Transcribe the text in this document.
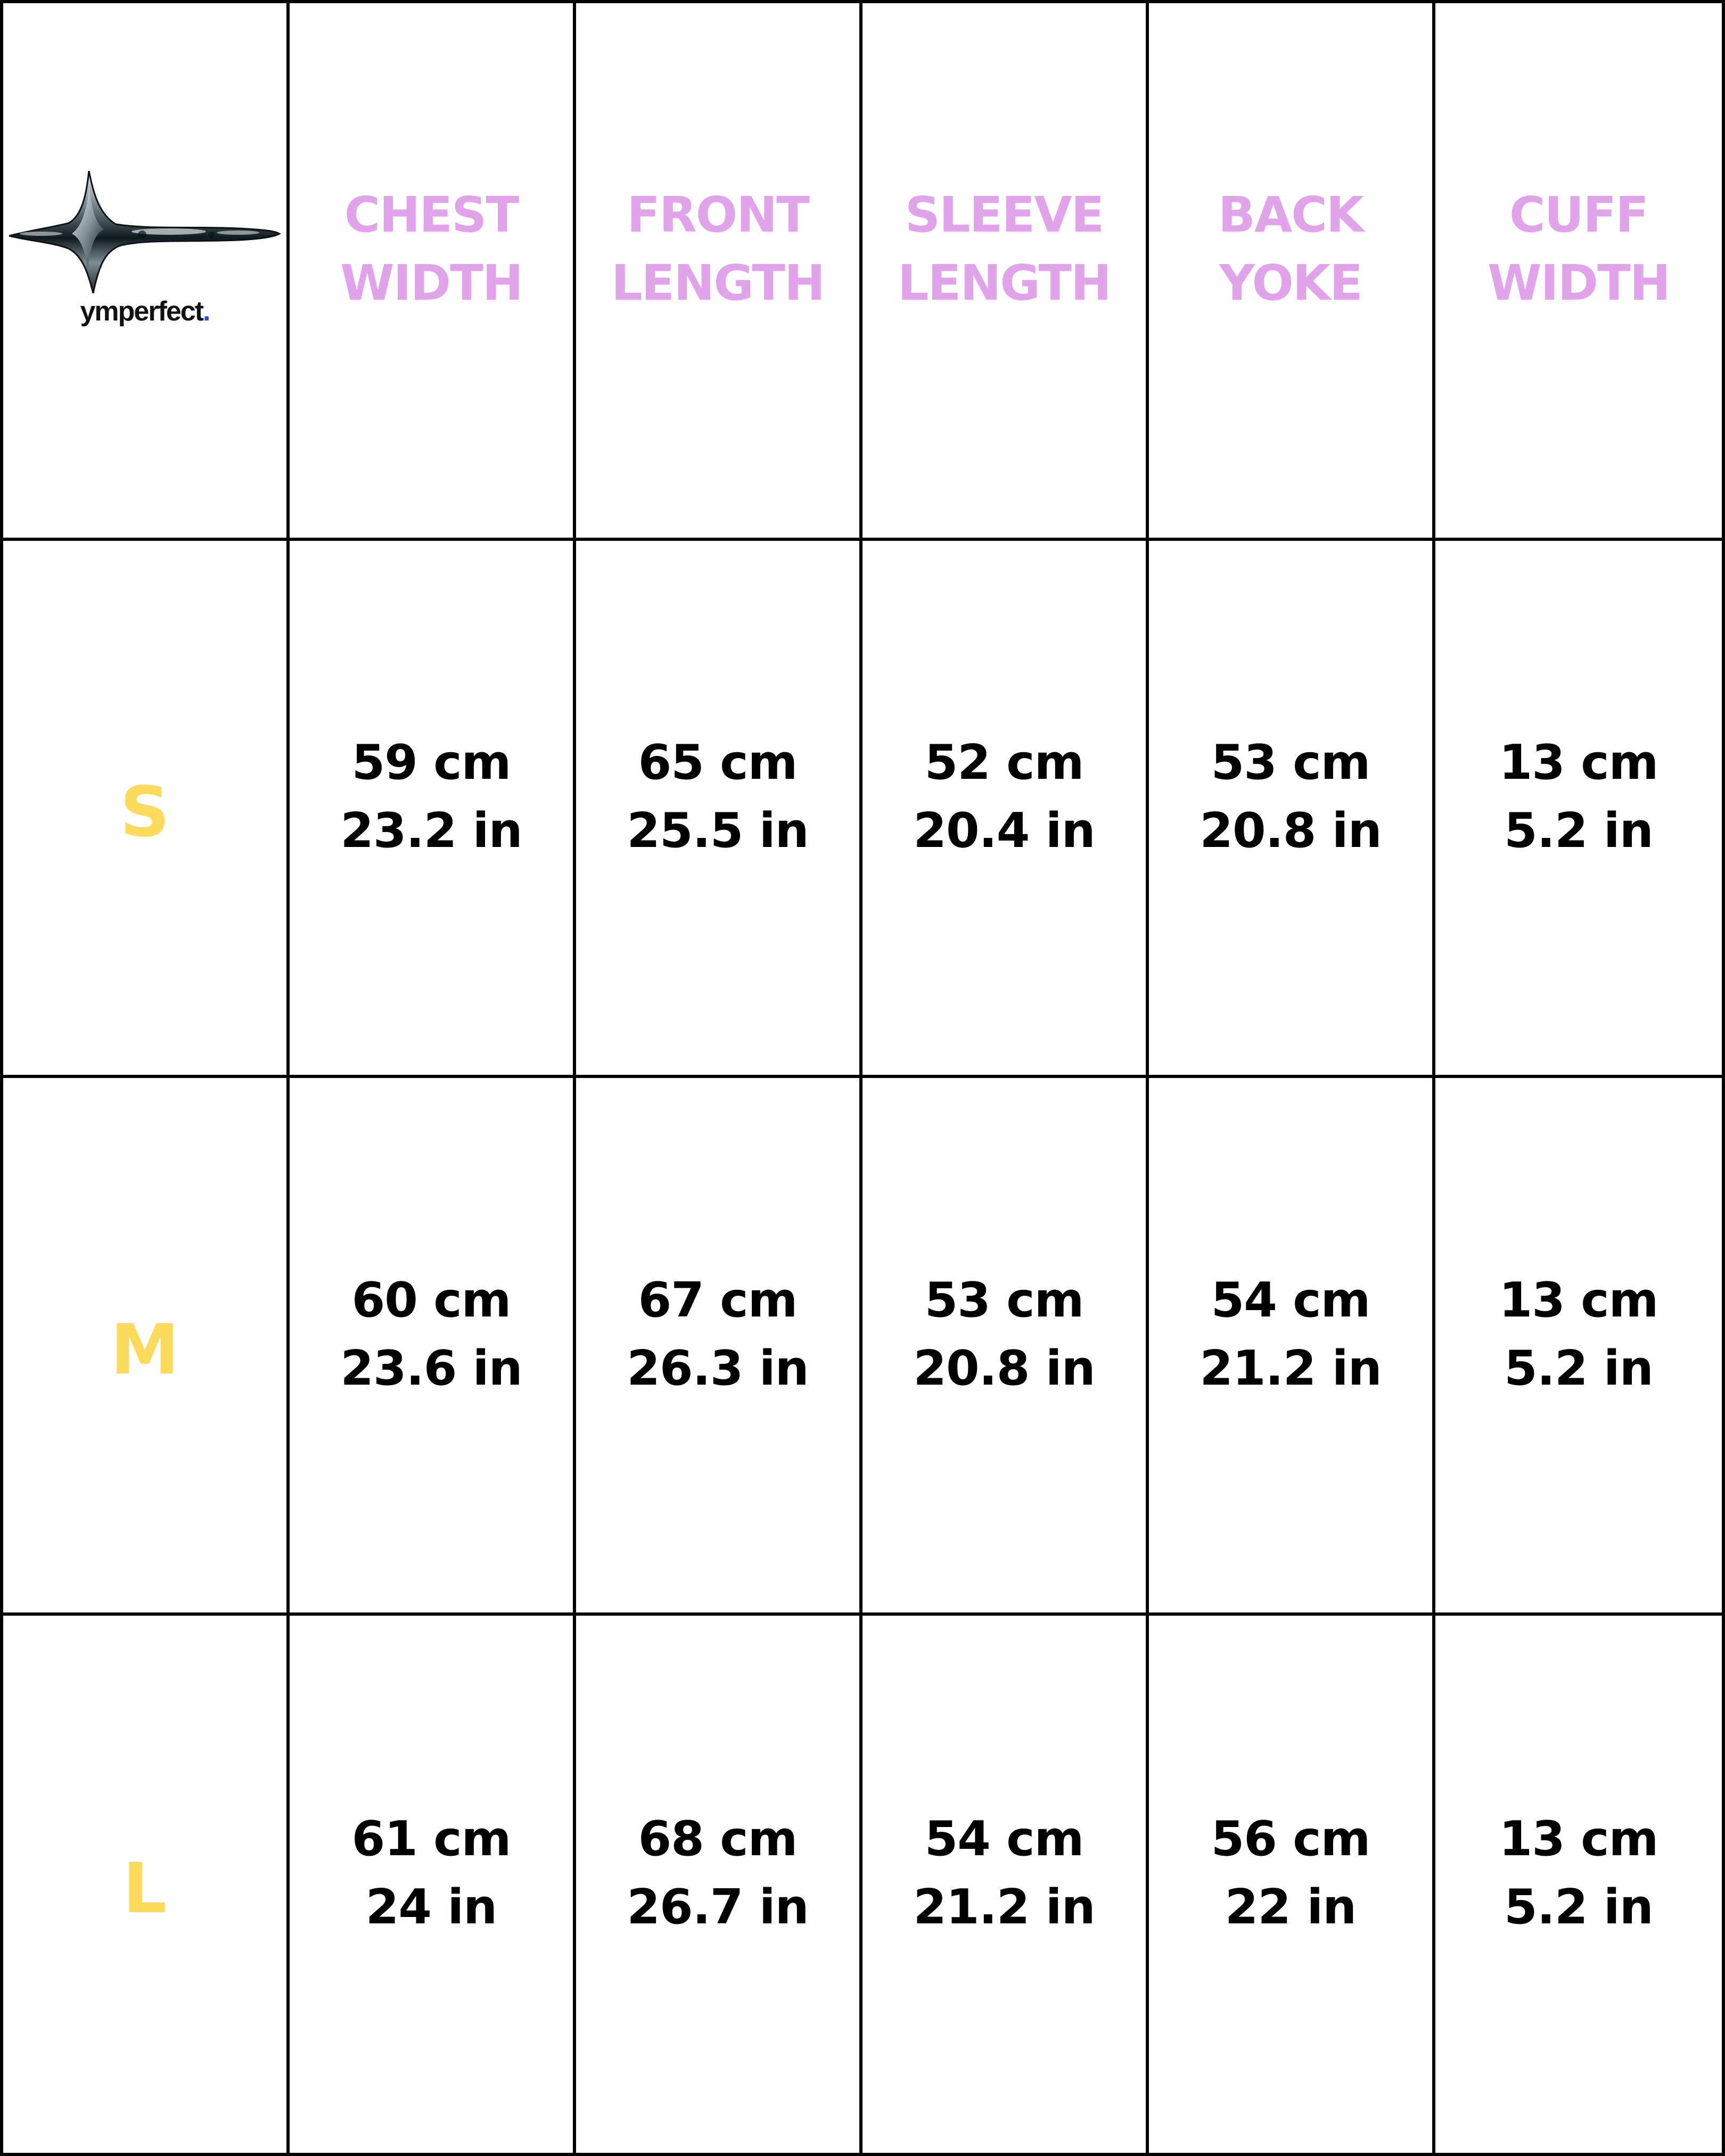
ymperfect.
CHEST
WIDTH
FRONT
LENGTH
SLEEVE
LENGTH
BACK
YOKE
CUFF
WIDTH
S
59 cm
23.2 in
65 cm
25.5 in
52 cm
20.4 in
53 cm
20.8 in
13 cm
5.2 in
M
60 cm
23.6 in
67 cm
26.3 in
53 cm
20.8 in
54 cm
21.2 in
13 cm
5.2 in
L
61 cm
24 in
68 cm
26.7 in
54 cm
21.2 in
56 cm
22 in
13 cm
5.2 in
